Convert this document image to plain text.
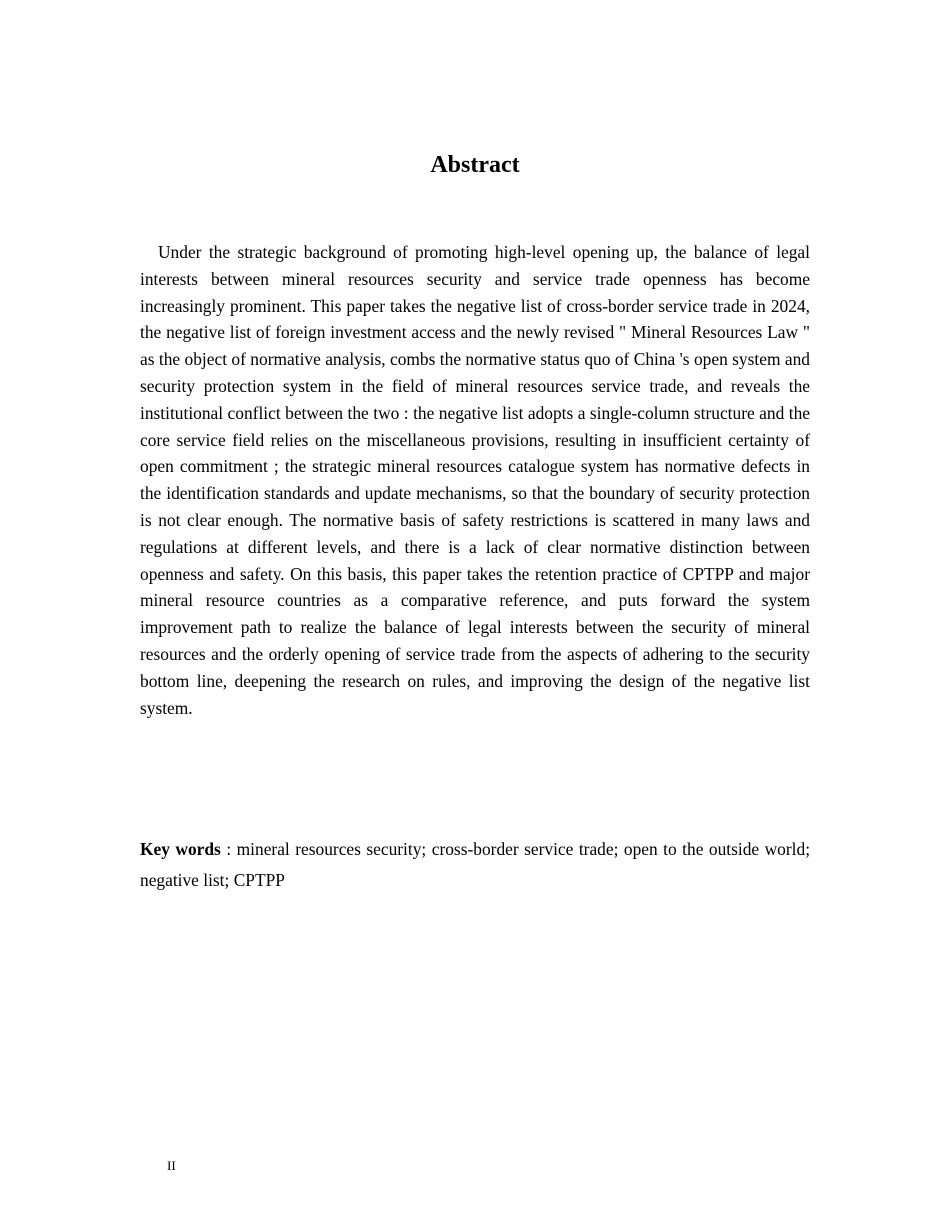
Abstract

Under the strategic background of promoting high-level opening up, the balance of legal interests between mineral resources security and service trade openness has become increasingly prominent. This paper takes the negative list of cross-border service trade in 2024, the negative list of foreign investment access and the newly revised " Mineral Resources Law " as the object of normative analysis, combs the normative status quo of China 's open system and security protection system in the field of mineral resources service trade, and reveals the institutional conflict between the two : the negative list adopts a single-column structure and the core service field relies on the miscellaneous provisions, resulting in insufficient certainty of open commitment ; the strategic mineral resources catalogue system has normative defects in the identification standards and update mechanisms, so that the boundary of security protection is not clear enough. The normative basis of safety restrictions is scattered in many laws and regulations at different levels, and there is a lack of clear normative distinction between openness and safety. On this basis, this paper takes the retention practice of CPTPP and major mineral resource countries as a comparative reference, and puts forward the system improvement path to realize the balance of legal interests between the security of mineral resources and the orderly opening of service trade from the aspects of adhering to the security bottom line, deepening the research on rules, and improving the design of the negative list system.

Key words : mineral resources security; cross-border service trade; open to the outside world; negative list; CPTPP

II
